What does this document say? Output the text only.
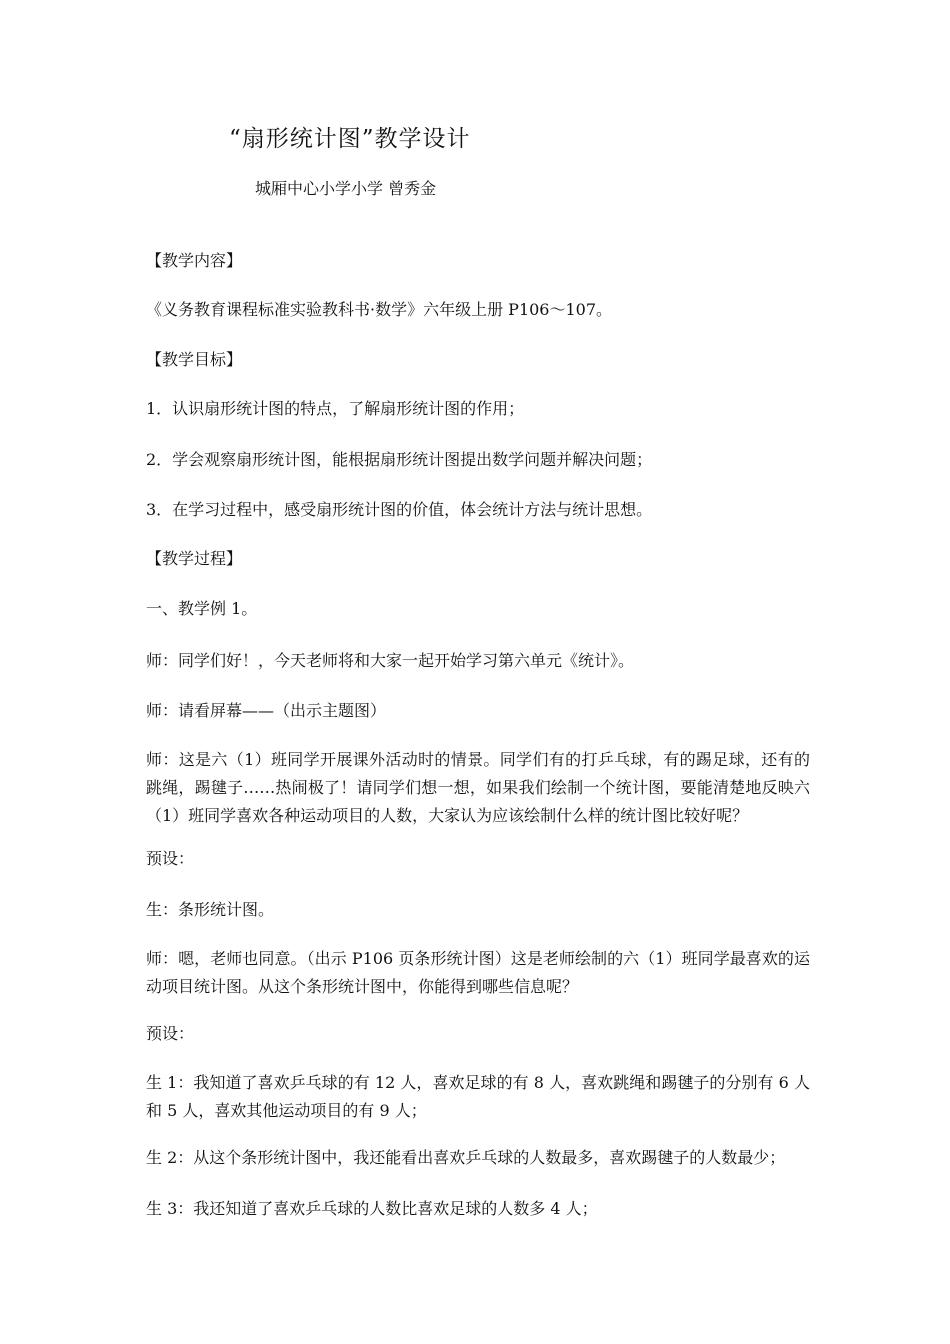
“扇形统计图”教学设计
城厢中心小学小学 曾秀金
【教学内容】
《义务教育课程标准实验教科书·数学》六年级上册 P106～107。
【教学目标】
1．认识扇形统计图的特点，了解扇形统计图的作用；
2．学会观察扇形统计图，能根据扇形统计图提出数学问题并解决问题；
3．在学习过程中，感受扇形统计图的价值，体会统计方法与统计思想。
【教学过程】
一、教学例 1。
师：同学们好！，今天老师将和大家一起开始学习第六单元《统计》。
师：请看屏幕——（出示主题图）
师：这是六（1）班同学开展课外活动时的情景。同学们有的打乒乓球，有的踢足球，还有的跳绳，踢毽子……热闹极了！请同学们想一想，如果我们绘制一个统计图，要能清楚地反映六（1）班同学喜欢各种运动项目的人数，大家认为应该绘制什么样的统计图比较好呢？
预设：
生：条形统计图。
师：嗯，老师也同意。（出示 P106 页条形统计图）这是老师绘制的六（1）班同学最喜欢的运动项目统计图。从这个条形统计图中，你能得到哪些信息呢？
预设：
生 1：我知道了喜欢乒乓球的有 12 人，喜欢足球的有 8 人，喜欢跳绳和踢毽子的分别有 6 人和 5 人，喜欢其他运动项目的有 9 人；
生 2：从这个条形统计图中，我还能看出喜欢乒乓球的人数最多，喜欢踢毽子的人数最少；
生 3：我还知道了喜欢乒乓球的人数比喜欢足球的人数多 4 人；
